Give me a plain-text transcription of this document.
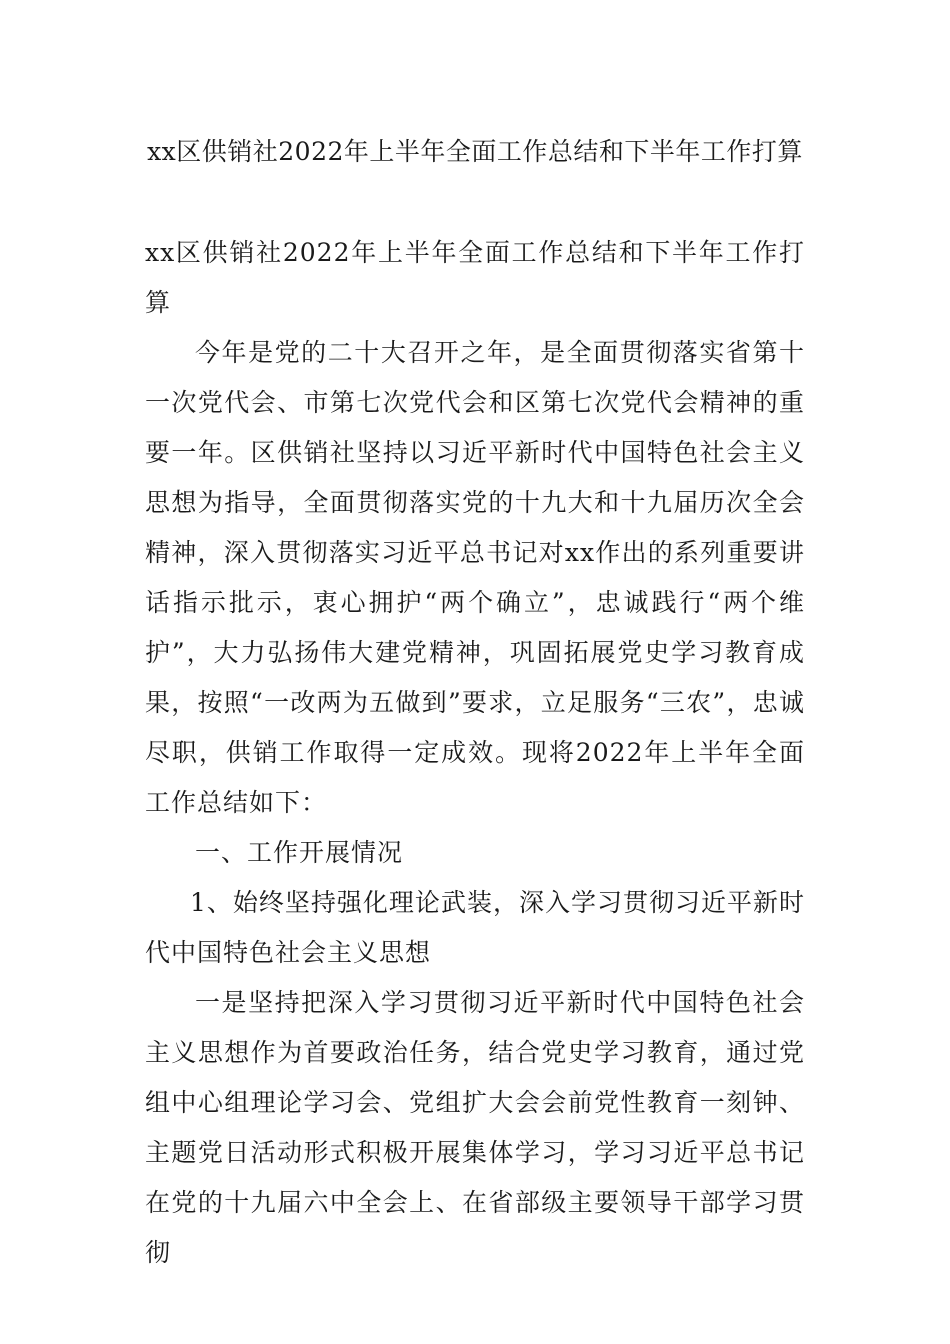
xx区供销社2022年上半年全面工作总结和下半年工作打算

xx区供销社2022年上半年全面工作总结和下半年工作打算

今年是党的二十大召开之年，是全面贯彻落实省第十一次党代会、市第七次党代会和区第七次党代会精神的重要一年。区供销社坚持以习近平新时代中国特色社会主义思想为指导，全面贯彻落实党的十九大和十九届历次全会精神，深入贯彻落实习近平总书记对xx作出的系列重要讲话指示批示，衷心拥护“两个确立”，忠诚践行“两个维护”，大力弘扬伟大建党精神，巩固拓展党史学习教育成果，按照“一改两为五做到”要求，立足服务“三农”，忠诚尽职，供销工作取得一定成效。现将2022年上半年全面工作总结如下：

一、工作开展情况

1、始终坚持强化理论武装，深入学习贯彻习近平新时代中国特色社会主义思想

一是坚持把深入学习贯彻习近平新时代中国特色社会主义思想作为首要政治任务，结合党史学习教育，通过党组中心组理论学习会、党组扩大会会前党性教育一刻钟、主题党日活动形式积极开展集体学习，学习习近平总书记在党的十九届六中全会上、在省部级主要领导干部学习贯彻
